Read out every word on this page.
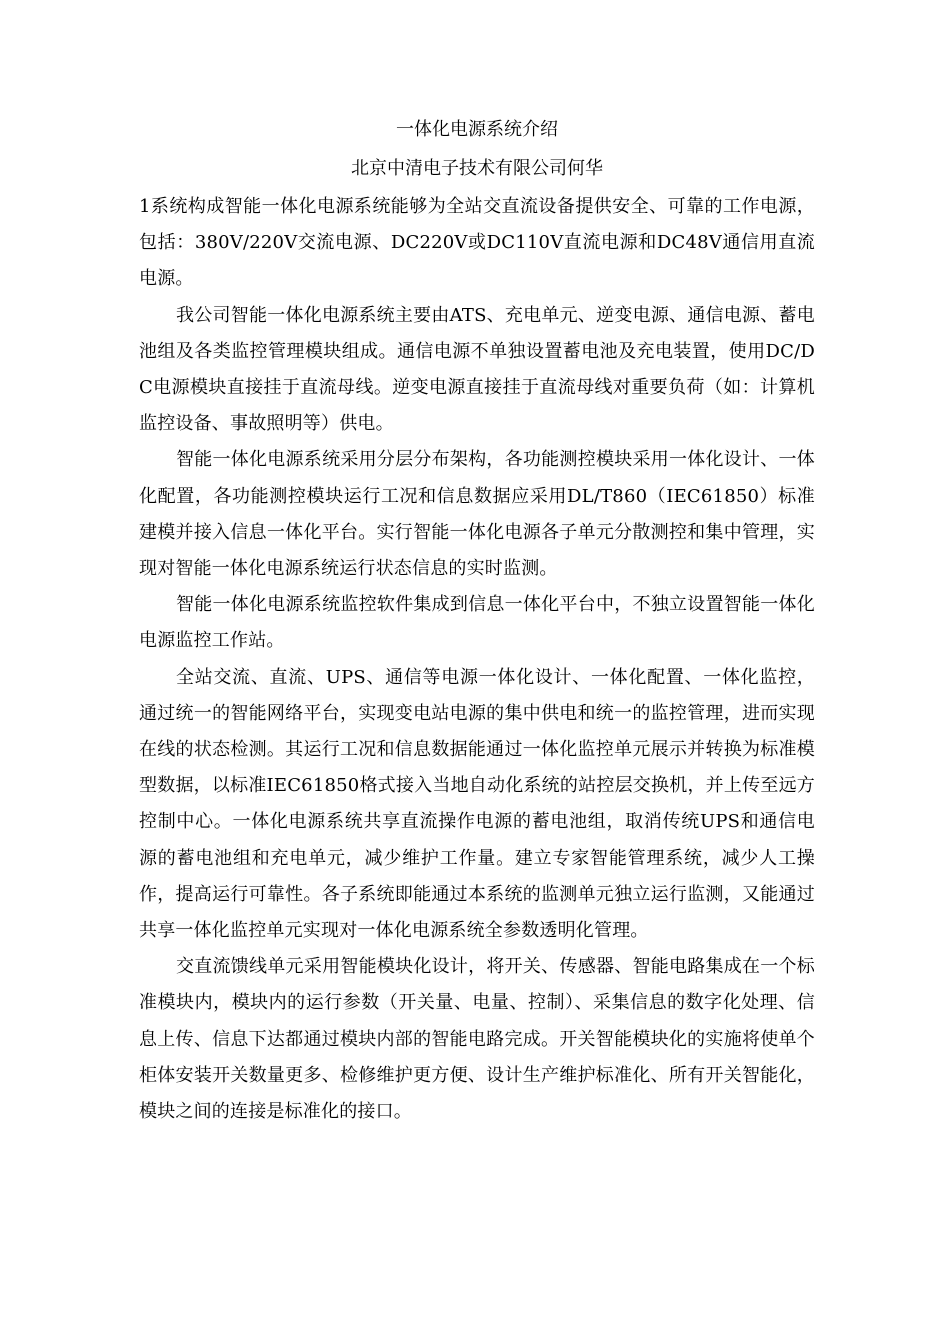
一体化电源系统介绍

北京中清电子技术有限公司何华

1系统构成智能一体化电源系统能够为全站交直流设备提供安全、可靠的工作电源，包括：380V/220V交流电源、DC220V或DC110V直流电源和DC48V通信用直流电源。

我公司智能一体化电源系统主要由ATS、充电单元、逆变电源、通信电源、蓄电池组及各类监控管理模块组成。通信电源不单独设置蓄电池及充电装置，使用DC/DC电源模块直接挂于直流母线。逆变电源直接挂于直流母线对重要负荷（如：计算机监控设备、事故照明等）供电。

智能一体化电源系统采用分层分布架构，各功能测控模块采用一体化设计、一体化配置，各功能测控模块运行工况和信息数据应采用DL/T860（IEC61850）标准建模并接入信息一体化平台。实行智能一体化电源各子单元分散测控和集中管理，实现对智能一体化电源系统运行状态信息的实时监测。

智能一体化电源系统监控软件集成到信息一体化平台中，不独立设置智能一体化电源监控工作站。

全站交流、直流、UPS、通信等电源一体化设计、一体化配置、一体化监控，通过统一的智能网络平台，实现变电站电源的集中供电和统一的监控管理，进而实现在线的状态检测。其运行工况和信息数据能通过一体化监控单元展示并转换为标准模型数据，以标准IEC61850格式接入当地自动化系统的站控层交换机，并上传至远方控制中心。一体化电源系统共享直流操作电源的蓄电池组，取消传统UPS和通信电源的蓄电池组和充电单元，减少维护工作量。建立专家智能管理系统，减少人工操作，提高运行可靠性。各子系统即能通过本系统的监测单元独立运行监测，又能通过共享一体化监控单元实现对一体化电源系统全参数透明化管理。

交直流馈线单元采用智能模块化设计，将开关、传感器、智能电路集成在一个标准模块内，模块内的运行参数（开关量、电量、控制）、采集信息的数字化处理、信息上传、信息下达都通过模块内部的智能电路完成。开关智能模块化的实施将使单个柜体安装开关数量更多、检修维护更方便、设计生产维护标准化、所有开关智能化，模块之间的连接是标准化的接口。
